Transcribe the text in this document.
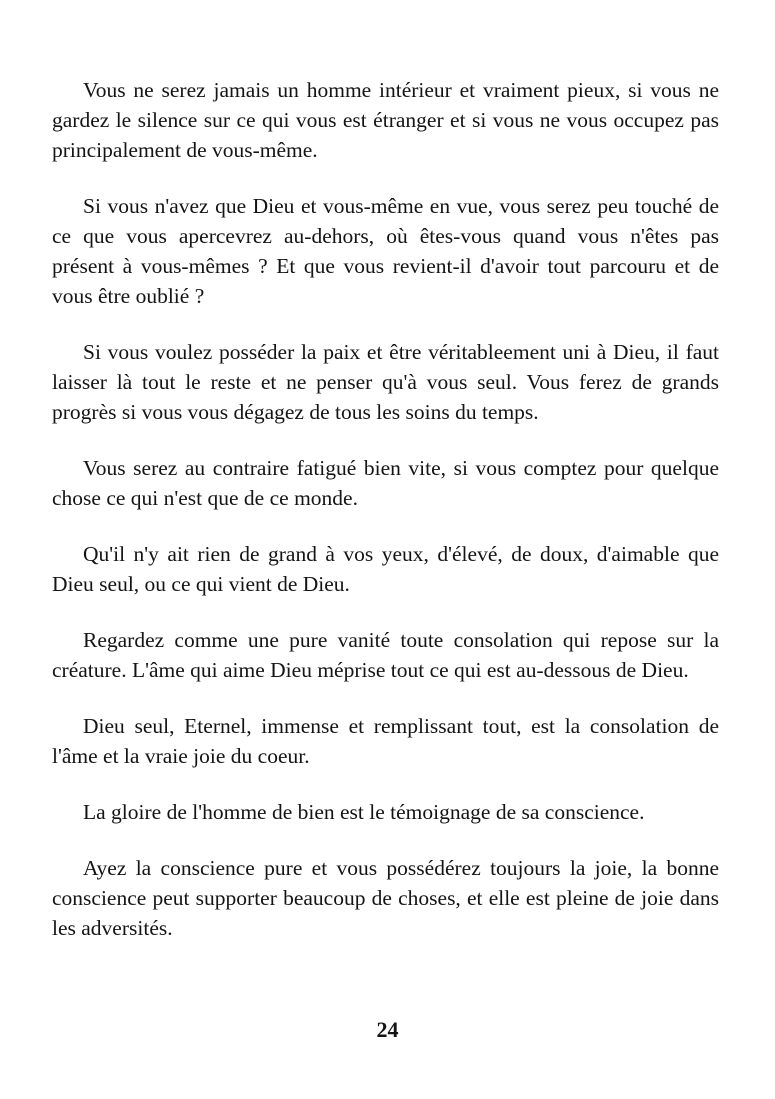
Vous ne serez jamais un homme intérieur et vraiment pieux, si vous ne gardez le silence sur ce qui vous est étranger et si vous ne vous occupez pas principalement de vous-même.

Si vous n'avez que Dieu et vous-même en vue, vous serez peu touché de ce que vous apercevrez au-dehors, où êtes-vous quand vous n'êtes pas présent à vous-mêmes ? Et que vous revient-il d'avoir tout parcouru et de vous être oublié ?

Si vous voulez posséder la paix et être véritableement uni à Dieu, il faut laisser là tout le reste et ne penser qu'à vous seul. Vous ferez de grands progrès si vous vous dégagez de tous les soins du temps.

Vous serez au contraire fatigué bien vite, si vous comptez pour quelque chose ce qui n'est que de ce monde.

Qu'il n'y ait rien de grand à vos yeux, d'élevé, de doux, d'aimable que Dieu seul, ou ce qui vient de Dieu.

Regardez comme une pure vanité toute consolation qui repose sur la créature. L'âme qui aime Dieu méprise tout ce qui est au-dessous de Dieu.

Dieu seul, Eternel, immense et remplissant tout, est la consolation de l'âme et la vraie joie du coeur.

La gloire de l'homme de bien est le témoignage de sa conscience.

Ayez la conscience pure et vous possédérez toujours la joie, la bonne conscience peut supporter beaucoup de choses, et elle est pleine de joie dans les adversités.

24
